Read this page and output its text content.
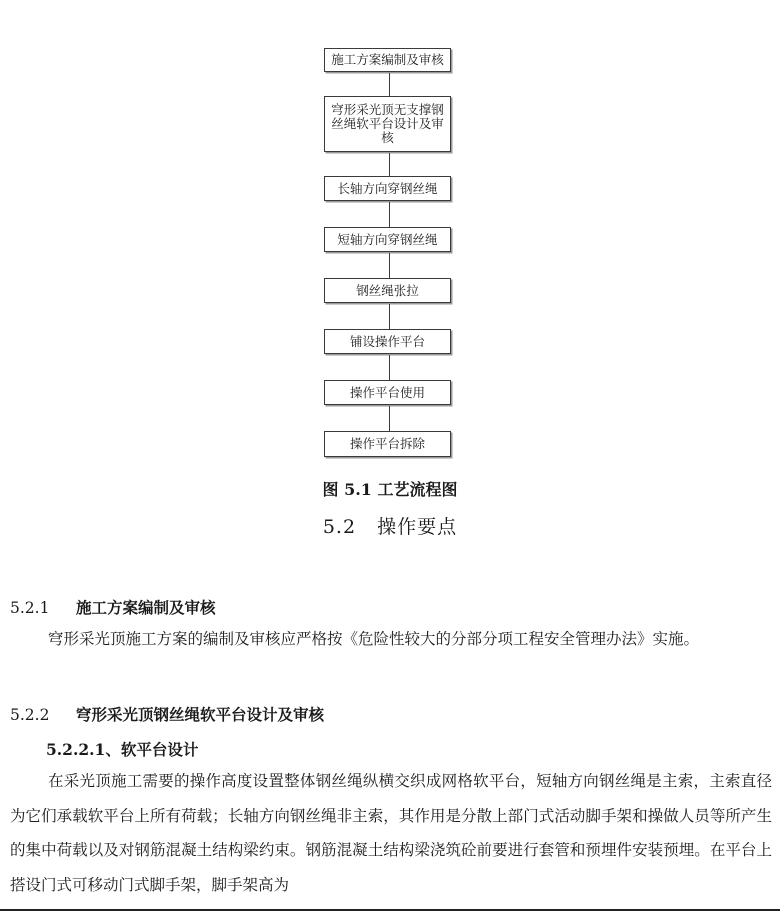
施工方案编制及审核
穹形采光顶无支撑钢丝绳软平台设计及审核
长轴方向穿钢丝绳
短轴方向穿钢丝绳
钢丝绳张拉
铺设操作平台
操作平台使用
操作平台拆除
图 5.1 工艺流程图
5.2 操作要点
5.2.1 施工方案编制及审核

穹形采光顶施工方案的编制及审核应严格按《危险性较大的分部分项工程安全管理办法》实施。

5.2.2 穹形采光顶钢丝绳软平台设计及审核
5.2.2.1、软平台设计

在采光顶施工需要的操作高度设置整体钢丝绳纵横交织成网格软平台，短轴方向钢丝绳是主索，主索直径为它们承载软平台上所有荷载；长轴方向钢丝绳非主索，其作用是分散上部门式活动脚手架和操做人员等所产生的集中荷载以及对钢筋混凝土结构梁约束。钢筋混凝土结构梁浇筑砼前要进行套管和预埋件安装预埋。在平台上搭设门式可移动门式脚手架，脚手架高为
